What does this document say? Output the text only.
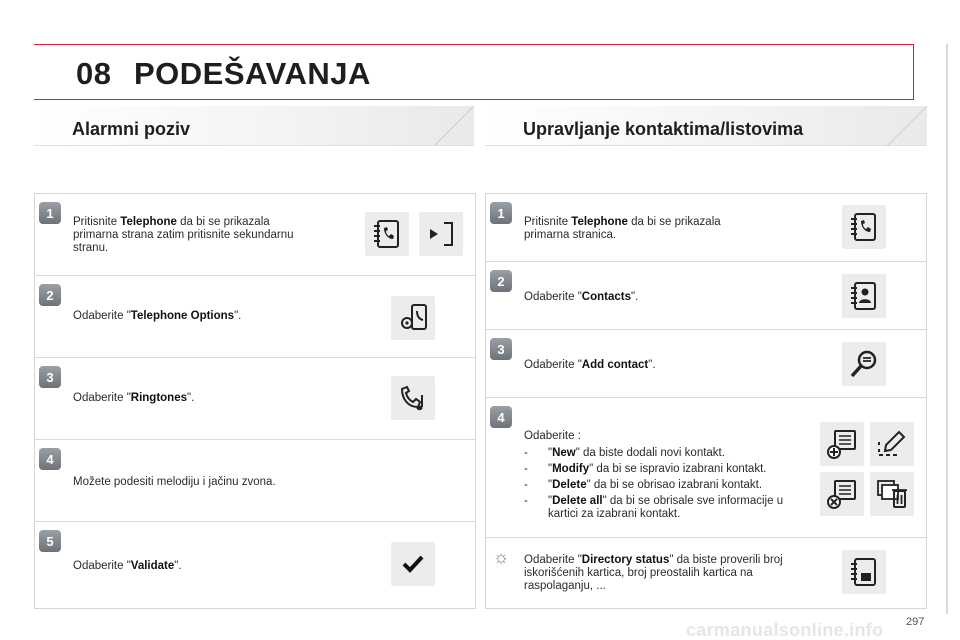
08 PODEŠAVANJA
Alarmni poziv	Upravljanje kontaktima/listovima
1
Pritisnite Telephone da bi se prikazala primarna strana zatim pritisnite sekundarnu stranu.
2
Odaberite "Telephone Options".
3
Odaberite "Ringtones".
4
Možete podesiti melodiju i jačinu zvona.
5
Odaberite "Validate".
1
Pritisnite Telephone da bi se prikazala primarna stranica.
2
Odaberite "Contacts".
3
Odaberite "Add contact".
4
Odaberite :
- "New" da biste dodali novi kontakt.
- "Modify" da bi se ispravio izabrani kontakt.
- "Delete" da bi se obrisao izabrani kontakt.
- "Delete all" da bi se obrisale sve informacije u kartici za izabrani kontakt.
☼ Odaberite "Directory status" da biste proverili broj iskorišćenih kartica, broj preostalih kartica na raspolaganju, ...
carmanualsonline.info 297
